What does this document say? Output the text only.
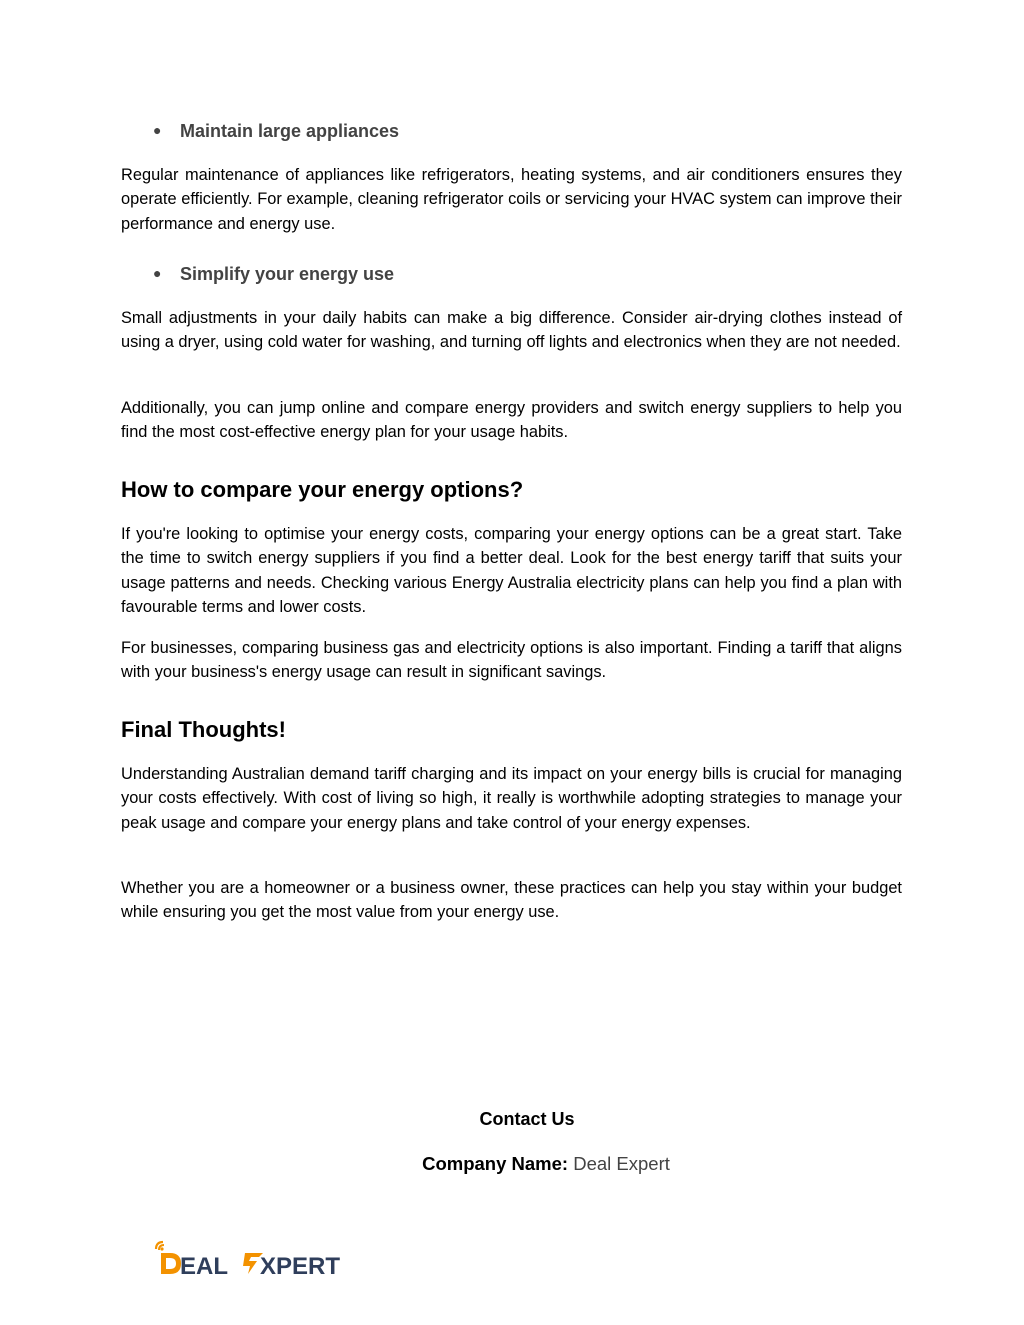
● Maintain large appliances

Regular maintenance of appliances like refrigerators, heating systems, and air conditioners ensures they operate efficiently. For example, cleaning refrigerator coils or servicing your HVAC system can improve their performance and energy use.

● Simplify your energy use

Small adjustments in your daily habits can make a big difference. Consider air-drying clothes instead of using a dryer, using cold water for washing, and turning off lights and electronics when they are not needed.

Additionally, you can jump online and compare energy providers and switch energy suppliers to help you find the most cost-effective energy plan for your usage habits.

How to compare your energy options?

If you're looking to optimise your energy costs, comparing your energy options can be a great start. Take the time to switch energy suppliers if you find a better deal. Look for the best energy tariff that suits your usage patterns and needs. Checking various Energy Australia electricity plans can help you find a plan with favourable terms and lower costs.

For businesses, comparing business gas and electricity options is also important. Finding a tariff that aligns with your business's energy usage can result in significant savings.

Final Thoughts!

Understanding Australian demand tariff charging and its impact on your energy bills is crucial for managing your costs effectively. With cost of living so high, it really is worthwhile adopting strategies to manage your peak usage and compare your energy plans and take control of your energy expenses.

Whether you are a homeowner or a business owner, these practices can help you stay within your budget while ensuring you get the most value from your energy use.

Contact Us
Company Name: Deal Expert
EAL XPERT
